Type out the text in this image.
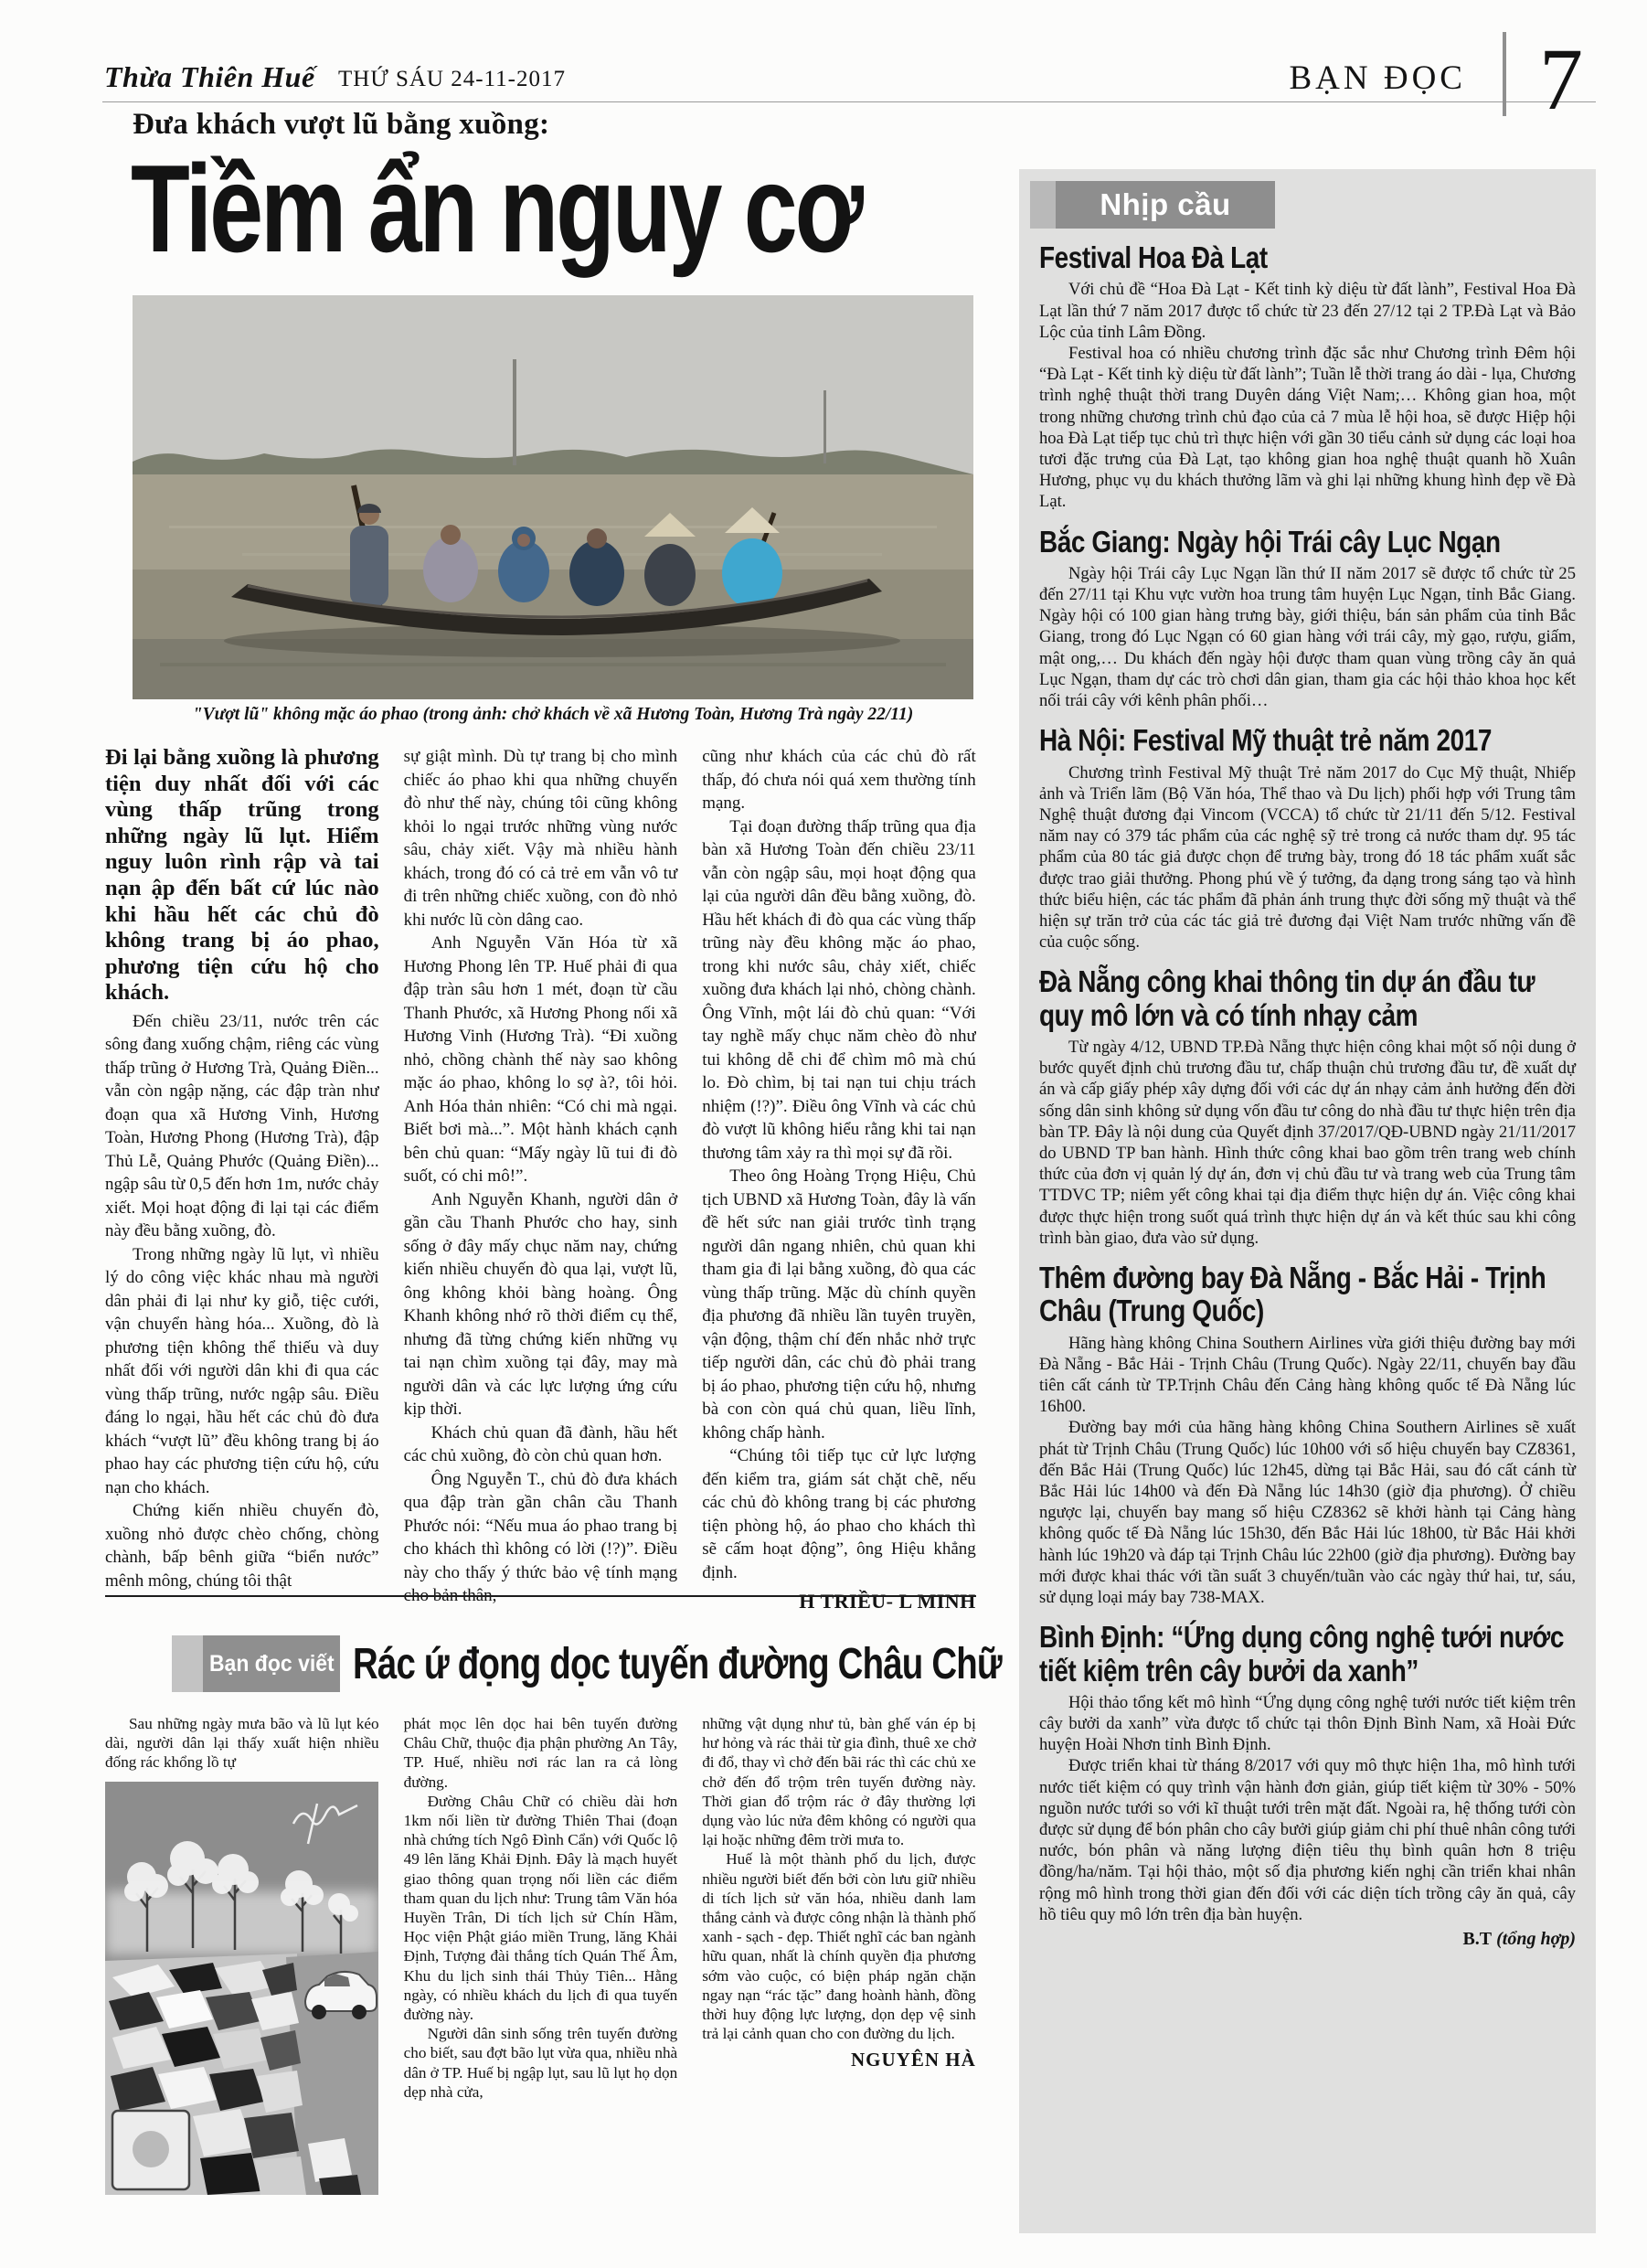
Thừa Thiên Huế THỨ SÁU 24-11-2017	BẠN ĐỌC 7
Đưa khách vượt lũ bằng xuồng:
Tiềm ẩn nguy cơ
"Vượt lũ" không mặc áo phao (trong ảnh: chở khách về xã Hương Toàn, Hương Trà ngày 22/11)

Đi lại bằng xuồng là phương tiện duy nhất đối với các vùng thấp trũng trong những ngày lũ lụt. Hiểm nguy luôn rình rập và tai nạn ập đến bất cứ lúc nào khi hầu hết các chủ đò không trang bị áo phao, phương tiện cứu hộ cho khách.

Đến chiều 23/11, nước trên các sông đang xuống chậm, riêng các vùng thấp trũng ở Hương Trà, Quảng Điền... vẫn còn ngập nặng, các đập tràn như đoạn qua xã Hương Vinh, Hương Toàn, Hương Phong (Hương Trà), đập Thủ Lễ, Quảng Phước (Quảng Điền)... ngập sâu từ 0,5 đến hơn 1m, nước chảy xiết. Mọi hoạt động đi lại tại các điểm này đều bằng xuồng, đò.

Trong những ngày lũ lụt, vì nhiều lý do công việc khác nhau mà người dân phải đi lại như ky giỗ, tiệc cưới, vận chuyển hàng hóa... Xuồng, đò là phương tiện không thể thiếu và duy nhất đối với người dân khi đi qua các vùng thấp trũng, nước ngập sâu. Điều đáng lo ngại, hầu hết các chủ đò đưa khách “vượt lũ” đều không trang bị áo phao hay các phương tiện cứu hộ, cứu nạn cho khách.

Chứng kiến nhiều chuyến đò, xuồng nhỏ được chèo chống, chòng chành, bấp bênh giữa “biển nước” mênh mông, chúng tôi thật

sự giật mình. Dù tự trang bị cho mình chiếc áo phao khi qua những chuyến đò như thế này, chúng tôi cũng không khỏi lo ngại trước những vùng nước sâu, chảy xiết. Vậy mà nhiều hành khách, trong đó có cả trẻ em vẫn vô tư đi trên những chiếc xuồng, con đò nhỏ khi nước lũ còn dâng cao.

Anh Nguyễn Văn Hóa từ xã Hương Phong lên TP. Huế phải đi qua đập tràn sâu hơn 1 mét, đoạn từ cầu Thanh Phước, xã Hương Phong nối xã Hương Vinh (Hương Trà). “Đi xuồng nhỏ, chồng chành thế này sao không mặc áo phao, không lo sợ à?, tôi hỏi. Anh Hóa thản nhiên: “Có chi mà ngại. Biết bơi mà...”. Một hành khách cạnh bên chủ quan: “Mấy ngày lũ tui đi đò suốt, có chi mô!”.

Anh Nguyễn Khanh, người dân ở gần cầu Thanh Phước cho hay, sinh sống ở đây mấy chục năm nay, chứng kiến nhiều chuyến đò qua lại, vượt lũ, ông không khỏi bàng hoàng. Ông Khanh không nhớ rõ thời điểm cụ thể, nhưng đã từng chứng kiến những vụ tai nạn chìm xuồng tại đây, may mà người dân và các lực lượng ứng cứu kịp thời.

Khách chủ quan đã đành, hầu hết các chủ xuồng, đò còn chủ quan hơn.

Ông Nguyễn T., chủ đò đưa khách qua đập tràn gần chân cầu Thanh Phước nói: “Nếu mua áo phao trang bị cho khách thì không có lời (!?)”. Điều này cho thấy ý thức bảo vệ tính mạng cho bản thân,

cũng như khách của các chủ đò rất thấp, đó chưa nói quá xem thường tính mạng.

Tại đoạn đường thấp trũng qua địa bàn xã Hương Toàn đến chiều 23/11 vẫn còn ngập sâu, mọi hoạt động qua lại của người dân đều bằng xuồng, đò. Hầu hết khách đi đò qua các vùng thấp trũng này đều không mặc áo phao, trong khi nước sâu, chảy xiết, chiếc xuồng đưa khách lại nhỏ, chòng chành. Ông Vĩnh, một lái đò chủ quan: “Với tay nghề mấy chục năm chèo đò như tui không dễ chi để chìm mô mà chú lo. Đò chìm, bị tai nạn tui chịu trách nhiệm (!?)”. Điều ông Vĩnh và các chủ đò vượt lũ không hiểu rằng khi tai nạn thương tâm xảy ra thì mọi sự đã rồi.

Theo ông Hoàng Trọng Hiệu, Chủ tịch UBND xã Hương Toàn, đây là vấn đề hết sức nan giải trước tình trạng người dân ngang nhiên, chủ quan khi tham gia đi lại bằng xuồng, đò qua các vùng thấp trũng. Mặc dù chính quyền địa phương đã nhiều lần tuyên truyền, vận động, thậm chí đến nhắc nhở trực tiếp người dân, các chủ đò phải trang bị áo phao, phương tiện cứu hộ, nhưng bà con còn quá chủ quan, liều lĩnh, không chấp hành.

“Chúng tôi tiếp tục cử lực lượng đến kiểm tra, giám sát chặt chẽ, nếu các chủ đò không trang bị các phương tiện phòng hộ, áo phao cho khách thì sẽ cấm hoạt động”, ông Hiệu khẳng định.

H TRIỀU- L MINH
Nhịp cầu
Festival Hoa Đà Lạt

Với chủ đề “Hoa Đà Lạt - Kết tinh kỳ diệu từ đất lành”, Festival Hoa Đà Lạt lần thứ 7 năm 2017 được tổ chức từ 23 đến 27/12 tại 2 TP.Đà Lạt và Bảo Lộc của tỉnh Lâm Đồng.

Festival hoa có nhiều chương trình đặc sắc như Chương trình Đêm hội “Đà Lạt - Kết tinh kỳ diệu từ đất lành”; Tuần lễ thời trang áo dài - lụa, Chương trình nghệ thuật thời trang Duyên dáng Việt Nam;… Không gian hoa, một trong những chương trình chủ đạo của cả 7 mùa lễ hội hoa, sẽ được Hiệp hội hoa Đà Lạt tiếp tục chủ trì thực hiện với gần 30 tiểu cảnh sử dụng các loại hoa tươi đặc trưng của Đà Lạt, tạo không gian hoa nghệ thuật quanh hồ Xuân Hương, phục vụ du khách thưởng lãm và ghi lại những khung hình đẹp về Đà Lạt.

Bắc Giang: Ngày hội Trái cây Lục Ngạn

Ngày hội Trái cây Lục Ngạn lần thứ II năm 2017 sẽ được tổ chức từ 25 đến 27/11 tại Khu vực vườn hoa trung tâm huyện Lục Ngạn, tỉnh Bắc Giang. Ngày hội có 100 gian hàng trưng bày, giới thiệu, bán sản phẩm của tỉnh Bắc Giang, trong đó Lục Ngạn có 60 gian hàng với trái cây, mỳ gạo, rượu, giấm, mật ong,… Du khách đến ngày hội được tham quan vùng trồng cây ăn quả Lục Ngạn, tham dự các trò chơi dân gian, tham gia các hội thảo khoa học kết nối trái cây với kênh phân phối…

Hà Nội: Festival Mỹ thuật trẻ năm 2017

Chương trình Festival Mỹ thuật Trẻ năm 2017 do Cục Mỹ thuật, Nhiếp ảnh và Triển lãm (Bộ Văn hóa, Thể thao và Du lịch) phối hợp với Trung tâm Nghệ thuật đương đại Vincom (VCCA) tổ chức từ 21/11 đến 5/12. Festival năm nay có 379 tác phẩm của các nghệ sỹ trẻ trong cả nước tham dự. 95 tác phẩm của 80 tác giả được chọn để trưng bày, trong đó 18 tác phẩm xuất sắc được trao giải thưởng. Phong phú về ý tưởng, đa dạng trong sáng tạo và hình thức biểu hiện, các tác phẩm đã phản ánh trung thực đời sống mỹ thuật và thể hiện sự trăn trở của các tác giả trẻ đương đại Việt Nam trước những vấn đề của cuộc sống.

Đà Nẵng công khai thông tin dự án đầu tư quy mô lớn và có tính nhạy cảm

Từ ngày 4/12, UBND TP.Đà Nẵng thực hiện công khai một số nội dung ở bước quyết định chủ trương đầu tư, chấp thuận chủ trương đầu tư, đề xuất dự án và cấp giấy phép xây dựng đối với các dự án nhạy cảm ảnh hưởng đến đời sống dân sinh không sử dụng vốn đầu tư công do nhà đầu tư thực hiện trên địa bàn TP. Đây là nội dung của Quyết định 37/2017/QĐ-UBND ngày 21/11/2017 do UBND TP ban hành. Hình thức công khai bao gồm trên trang web chính thức của đơn vị quản lý dự án, đơn vị chủ đầu tư và trang web của Trung tâm TTDVC TP; niêm yết công khai tại địa điểm thực hiện dự án. Việc công khai được thực hiện trong suốt quá trình thực hiện dự án và kết thúc sau khi công trình bàn giao, đưa vào sử dụng.

Thêm đường bay Đà Nẵng - Bắc Hải - Trịnh Châu (Trung Quốc)

Hãng hàng không China Southern Airlines vừa giới thiệu đường bay mới Đà Nẵng - Bắc Hải - Trịnh Châu (Trung Quốc). Ngày 22/11, chuyến bay đầu tiên cất cánh từ TP.Trịnh Châu đến Cảng hàng không quốc tế Đà Nẵng lúc 16h00.

Đường bay mới của hãng hàng không China Southern Airlines sẽ xuất phát từ Trịnh Châu (Trung Quốc) lúc 10h00 với số hiệu chuyến bay CZ8361, đến Bắc Hải (Trung Quốc) lúc 12h45, dừng tại Bắc Hải, sau đó cất cánh từ Bắc Hải lúc 14h00 và đến Đà Nẵng lúc 14h30 (giờ địa phương). Ở chiều ngược lại, chuyến bay mang số hiệu CZ8362 sẽ khởi hành tại Cảng hàng không quốc tế Đà Nẵng lúc 15h30, đến Bắc Hải lúc 18h00, từ Bắc Hải khởi hành lúc 19h20 và đáp tại Trịnh Châu lúc 22h00 (giờ địa phương). Đường bay mới được khai thác với tần suất 3 chuyến/tuần vào các ngày thứ hai, tư, sáu, sử dụng loại máy bay 738-MAX.

Bình Định: “Ứng dụng công nghệ tưới nước tiết kiệm trên cây bưởi da xanh”

Hội thảo tổng kết mô hình “Ứng dụng công nghệ tưới nước tiết kiệm trên cây bưởi da xanh” vừa được tổ chức tại thôn Định Bình Nam, xã Hoài Đức huyện Hoài Nhơn tỉnh Bình Định.

Được triển khai từ tháng 8/2017 với quy mô thực hiện 1ha, mô hình tưới nước tiết kiệm có quy trình vận hành đơn giản, giúp tiết kiệm từ 30% - 50% nguồn nước tưới so với kĩ thuật tưới trên mặt đất. Ngoài ra, hệ thống tưới còn được sử dụng để bón phân cho cây bưởi giúp giảm chi phí thuê nhân công tưới nước, bón phân và năng lượng điện tiêu thụ bình quân hơn 8 triệu đồng/ha/năm. Tại hội thảo, một số địa phương kiến nghị cần triển khai nhân rộng mô hình trong thời gian đến đối với các diện tích trồng cây ăn quả, cây hồ tiêu quy mô lớn trên địa bàn huyện.

B.T (tổng hợp)
Bạn đọc viết Rác ứ đọng dọc tuyến đường Châu Chữ

Sau những ngày mưa bão và lũ lụt kéo dài, người dân lại thấy xuất hiện nhiều đống rác khổng lồ tự

phát mọc lên dọc hai bên tuyến đường Châu Chữ, thuộc địa phận phường An Tây, TP. Huế, nhiều nơi rác lan ra cả lòng đường.

Đường Châu Chữ có chiều dài hơn 1km nối liền từ đường Thiên Thai (đoạn nhà chứng tích Ngô Đình Cẩn) với Quốc lộ 49 lên lăng Khải Định. Đây là mạch huyết giao thông quan trọng nối liền các điểm tham quan du lịch như: Trung tâm Văn hóa Huyền Trân, Di tích lịch sử Chín Hầm, Học viện Phật giáo miền Trung, lăng Khải Định, Tượng đài thắng tích Quán Thế Âm, Khu du lịch sinh thái Thủy Tiên... Hằng ngày, có nhiều khách du lịch đi qua tuyến đường này.

Người dân sinh sống trên tuyến đường cho biết, sau đợt bão lụt vừa qua, nhiều nhà dân ở TP. Huế bị ngập lụt, sau lũ lụt họ dọn dẹp nhà cửa,

những vật dụng như tủ, bàn ghế ván ép bị hư hỏng và rác thải từ gia đình, thuê xe chở đi đổ, thay vì chở đến bãi rác thì các chủ xe chở đến đổ trộm trên tuyến đường này. Thời gian đổ trộm rác ở đây thường lợi dụng vào lúc nửa đêm không có người qua lại hoặc những đêm trời mưa to.

Huế là một thành phố du lịch, được nhiều người biết đến bởi còn lưu giữ nhiều di tích lịch sử văn hóa, nhiều danh lam thắng cảnh và được công nhận là thành phố xanh - sạch - đẹp. Thiết nghĩ các ban ngành hữu quan, nhất là chính quyền địa phương sớm vào cuộc, có biện pháp ngăn chặn ngay nạn “rác tặc” đang hoành hành, đồng thời huy động lực lượng, dọn dẹp vệ sinh trả lại cảnh quan cho con đường du lịch.

NGUYÊN HÀ
